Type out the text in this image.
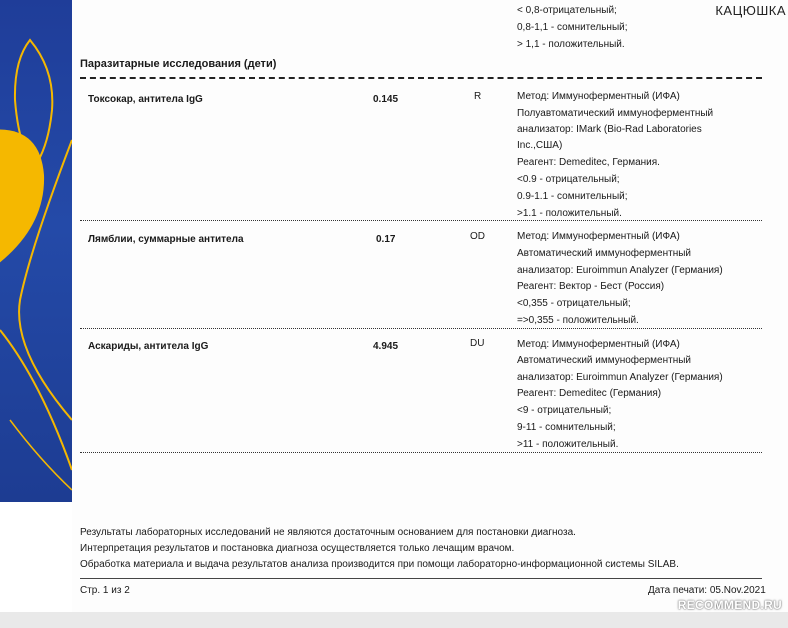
< 0,8-отрицательный;
0,8-1,1 - сомнительный;
> 1,1 - положительный.
Паразитарные исследования (дети)
Токсокар, антитела IgG	0.145	R	Метод: Иммуноферментный (ИФА)
Полуавтоматический иммуноферментный
анализатор: IMark (Bio-Rad Laboratories
Inc.,США)
Реагент: Demeditec, Германия.
<0.9 - отрицательный;
0.9-1.1 - сомнительный;
>1.1 - положительный.
Лямблии, суммарные антитела	0.17	OD	Метод: Иммуноферментный (ИФА)
Автоматический иммуноферментный
анализатор: Euroimmun Analyzer (Германия)
Реагент: Вектор - Бест (Россия)
<0,355 - отрицательный;
=>0,355 - положительный.
Аскариды, антитела IgG	4.945	DU	Метод: Иммуноферментный (ИФА)
Автоматический иммуноферментный
анализатор: Euroimmun Analyzer (Германия)
Реагент: Demeditec (Германия)
<9 - отрицательный;
9-11 - сомнительный;
>11 - положительный.
Результаты лабораторных исследований не являются достаточным основанием для постановки диагноза.
Интерпретация результатов и постановка диагноза осуществляется только лечащим врачом.
Обработка материала и выдача результатов анализа производится при помощи лабораторно-информационной системы SILAB.
Стр. 1 из 2	Дата печати: 05.Nov.2021
КАЦЮШКА
RECOMMEND.RU
